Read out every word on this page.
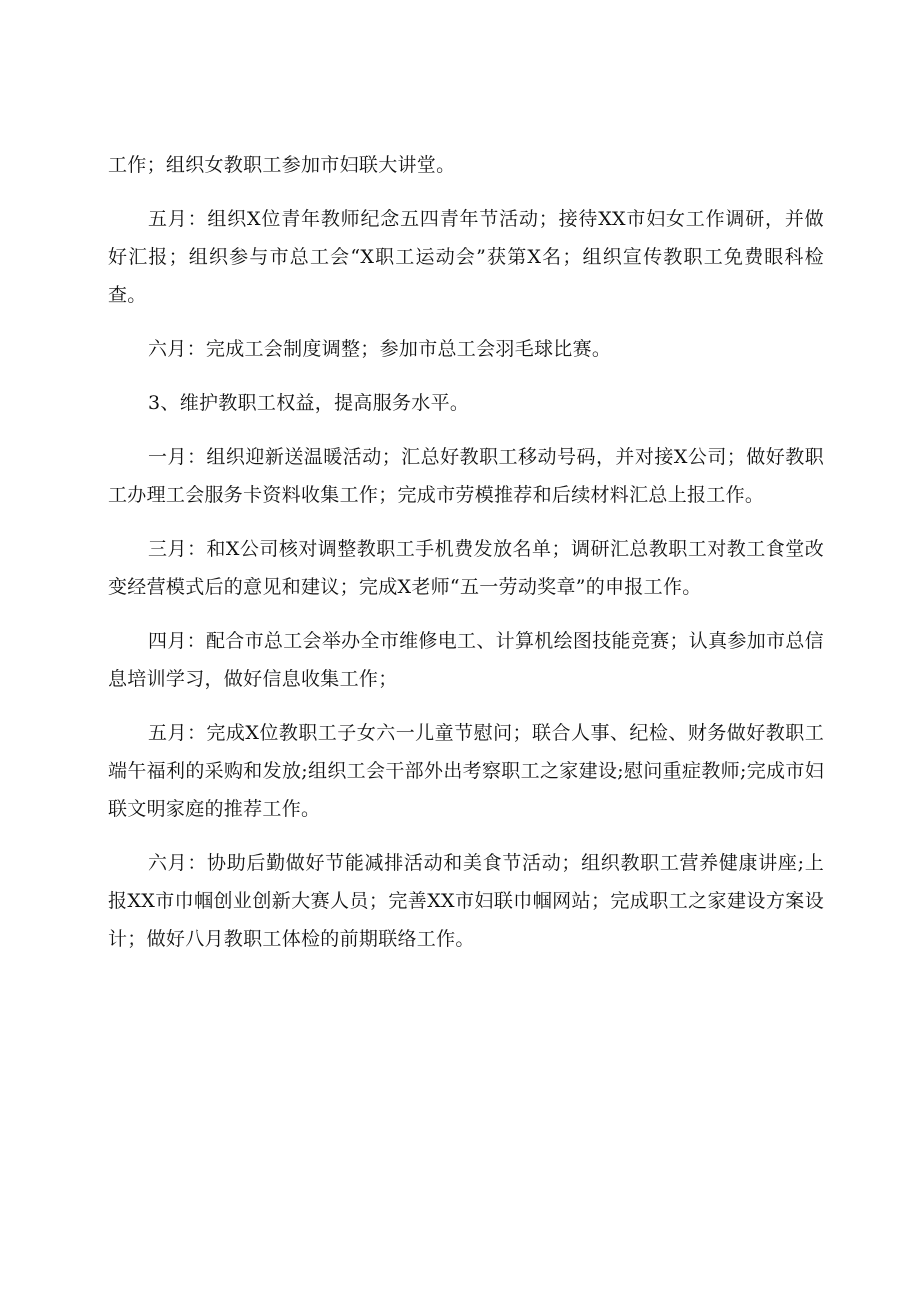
工作；组织女教职工参加市妇联大讲堂。

五月：组织X位青年教师纪念五四青年节活动；接待XX市妇女工作调研，并做好汇报；组织参与市总工会“X职工运动会”获第X名；组织宣传教职工免费眼科检查。

六月：完成工会制度调整；参加市总工会羽毛球比赛。

3、维护教职工权益，提高服务水平。

一月：组织迎新送温暖活动；汇总好教职工移动号码，并对接X公司；做好教职工办理工会服务卡资料收集工作；完成市劳模推荐和后续材料汇总上报工作。

三月：和X公司核对调整教职工手机费发放名单；调研汇总教职工对教工食堂改变经营模式后的意见和建议；完成X老师“五一劳动奖章”的申报工作。

四月：配合市总工会举办全市维修电工、计算机绘图技能竞赛；认真参加市总信息培训学习，做好信息收集工作；

五月：完成X位教职工子女六一儿童节慰问；联合人事、纪检、财务做好教职工端午福利的采购和发放;组织工会干部外出考察职工之家建设;慰问重症教师;完成市妇联文明家庭的推荐工作。

六月：协助后勤做好节能减排活动和美食节活动；组织教职工营养健康讲座;上报XX市巾帼创业创新大赛人员；完善XX市妇联巾帼网站；完成职工之家建设方案设计；做好八月教职工体检的前期联络工作。
